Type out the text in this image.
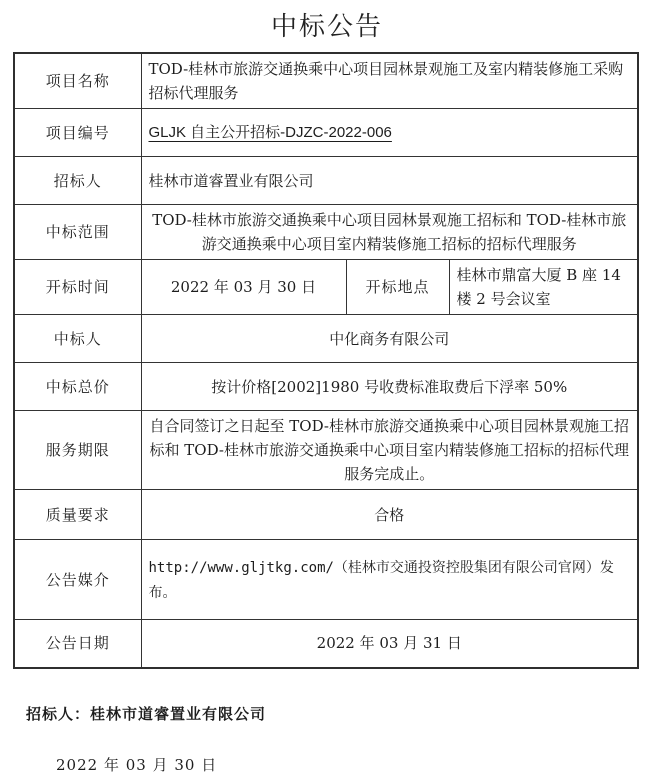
中标公告
项目名称	TOD-桂林市旅游交通换乘中心项目园林景观施工及室内精装修施工采购招标代理服务		
项目编号	GLJK 自主公开招标-DJZC-2022-006		
招标人	桂林市道睿置业有限公司		
中标范围	TOD-桂林市旅游交通换乘中心项目园林景观施工招标和 TOD-桂林市旅游交通换乘中心项目室内精装修施工招标的招标代理服务		
开标时间	2022 年 03 月 30 日	开标地点	桂林市鼎富大厦 B 座 14 楼 2 号会议室
中标人	中化商务有限公司		
中标总价	按计价格[2002]1980 号收费标准取费后下浮率 50%		
服务期限	自合同签订之日起至 TOD-桂林市旅游交通换乘中心项目园林景观施工招标和 TOD-桂林市旅游交通换乘中心项目室内精装修施工招标的招标代理服务完成止。		
质量要求	合格		
公告媒介	http://www.gljtkg.com/（桂林市交通投资控股集团有限公司官网）发布。		
公告日期	2022 年 03 月 31 日		
招标人：桂林市道睿置业有限公司
2022 年 03 月 30 日
